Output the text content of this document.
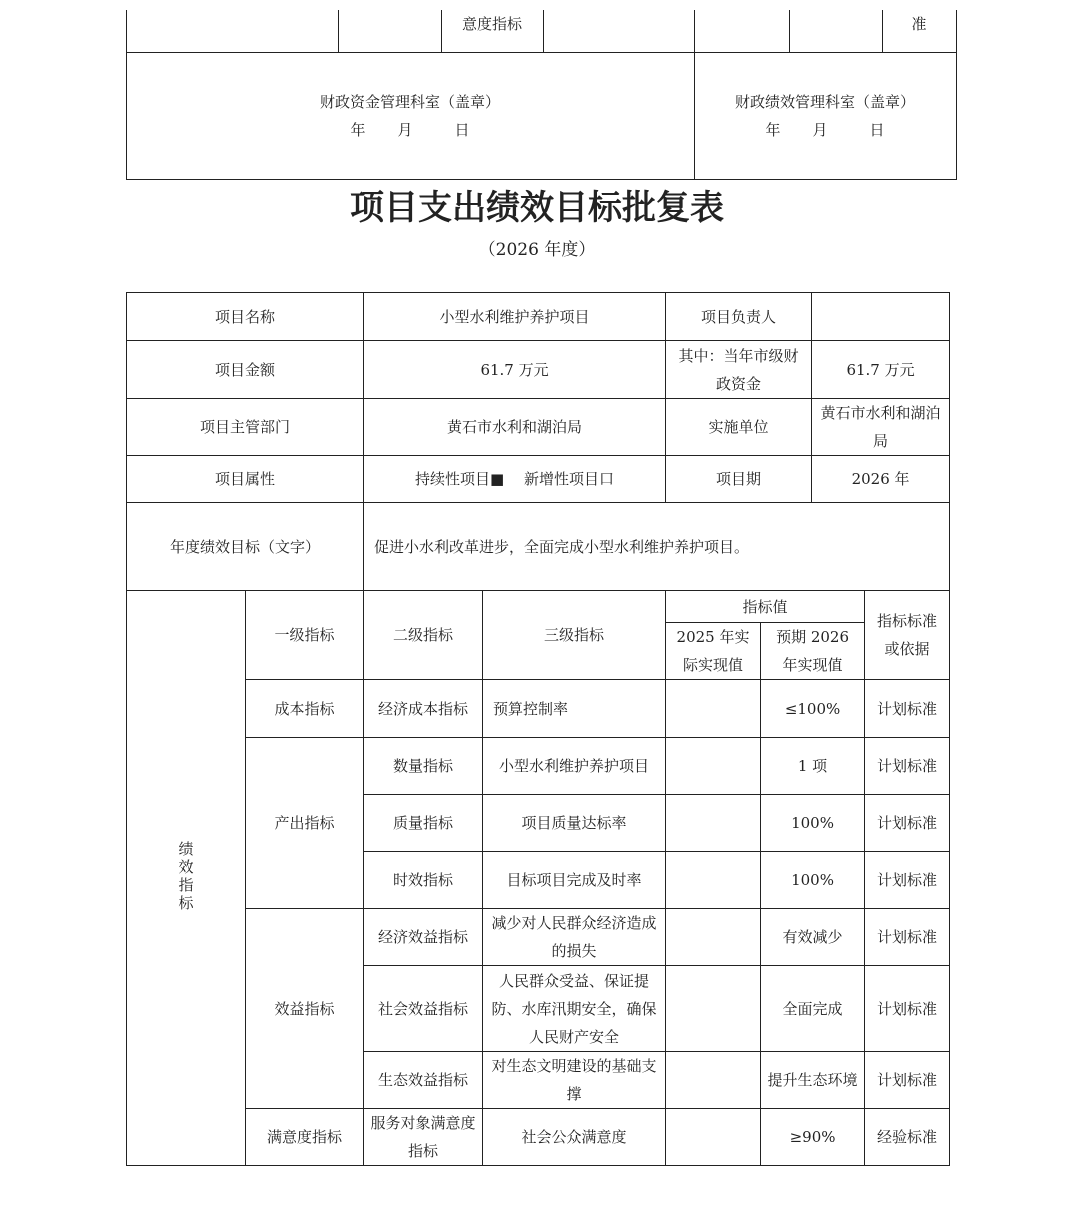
意度指标	准
财政资金管理科室（盖章）
年 月	日
财政绩效管理科室（盖章）
年 月	日
项目支出绩效目标批复表
（2026 年度）
项目名称		小型水利维护养护项目		项目负责人			
项目金额		61.7 万元		其中：当年市级财政资金		61.7 万元	
项目主管部门		黄石市水利和湖泊局		实施单位		黄石市水利和湖泊局	
项目属性		持续性项目■　 新增性项目口		项目期		2026 年	
年度绩效目标（文字）		促进小水利改革进步，全面完成小型水利维护养护项目。					
绩效指标	一级指标	二级指标	三级指标	指标值			指标标准或依据
				2025 年实际实现值	预期 2026 年实现值		
	成本指标	经济成本指标	预算控制率		≤100%		计划标准
	产出指标	数量指标	小型水利维护养护项目		1 项		计划标准
		质量指标	项目质量达标率		100%		计划标准
		时效指标	目标项目完成及时率		100%		计划标准
	效益指标	经济效益指标	减少对人民群众经济造成的损失		有效减少		计划标准
		社会效益指标	人民群众受益、保证提防、水库汛期安全，确保人民财产安全		全面完成		计划标准
		生态效益指标	对生态文明建设的基础支撑		提升生态环境		计划标准
	满意度指标	服务对象满意度指标	社会公众满意度		≥90%		经验标准
